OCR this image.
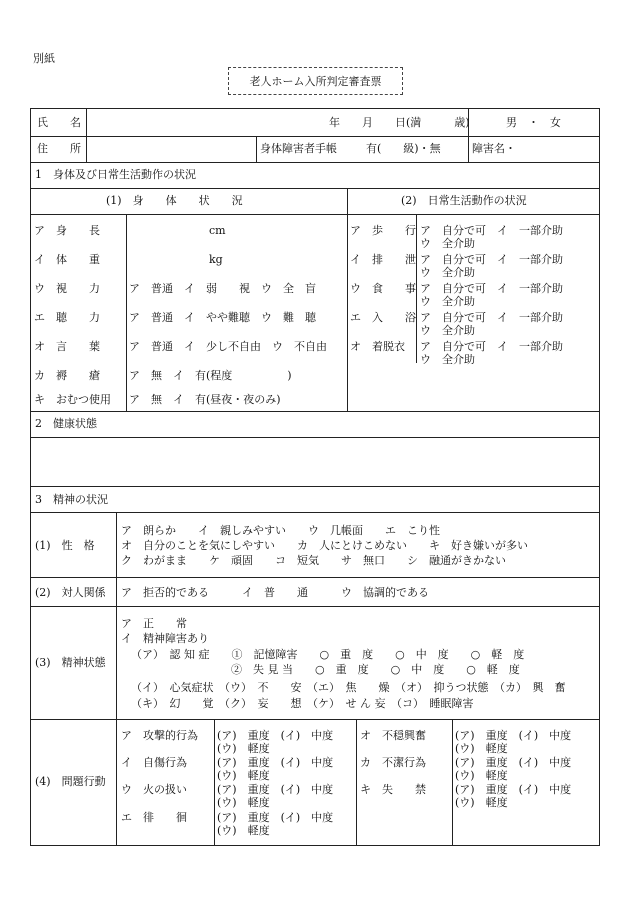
別紙
老人ホーム入所判定審査票
氏　　名	年　　月　　日(満　　　歳)	男　・　女
住　　所	身体障害者手帳	有(　　級)・無	障害名・
1　身体及び日常生活動作の状況
(1)　身　　体　　状　　況	(2)　日常生活動作の状況
ア　身　　長	cm
イ　体　　重	kg
ウ　視　　力	ア　普通　イ　弱　　視　ウ　全　盲
エ　聴　　力	ア　普通　イ　やや難聴　ウ　難　聴
オ　言　　葉	ア　普通　イ　少し不自由　ウ　不自由
カ　褥　　瘡	ア　無　イ　有(程度　　　　　)
キ　おむつ使用 ア　無　イ　有(昼夜・夜のみ)
ア　歩　　行 ア　自分で可　イ　一部介助
ウ　全介助
イ　排　　泄 ア　自分で可　イ　一部介助
ウ　全介助
ウ　食　　事 ア　自分で可　イ　一部介助
ウ　全介助
エ　入　　浴 ア　自分で可　イ　一部介助
ウ　全介助
オ　着脱衣 ア　自分で可　イ　一部介助
ウ　全介助
2　健康状態
3　精神の状況
(1)　性　格
ア　朗らか　　イ　親しみやすい　　ウ　几帳面　　エ　こり性
オ　自分のことを気にしやすい　　カ　人にとけこめない　　キ　好き嫌いが多い
ク　わがまま　　ケ　頑固　　コ　短気　　サ　無口　　シ　融通がきかない
(2)　対人関係 ア　拒否的である　　　イ　普　　通　　　ウ　協調的である
(3)　精神状態
ア　正　　常
イ　精神障害あり
（ア）　認 知 症　　①　記憶障害　　○　重　度　　○　中　度　　○　軽　度
②　失 見 当　　○　重　度　　○　中　度　　○　軽　度
（イ）　心気症状　（ウ）　不　　安　（エ）　焦　　燥　（オ）　抑うつ状態　（カ）　興　奮
（キ）　幻　　覚　（ク）　妄　　想　（ケ）　せ ん 妄　（コ）　睡眠障害
(4)　問題行動
ア　攻撃的行為 (ア)　重度　(イ)　中度
(ウ)　軽度
イ　自傷行為	(ア)　重度　(イ)　中度
(ウ)　軽度
ウ　火の扱い	(ア)　重度　(イ)　中度
(ウ)　軽度
エ　徘　　徊	(ア)　重度　(イ)　中度
(ウ)　軽度
オ　不穏興奮	(ア)　重度　(イ)　中度
(ウ)　軽度
カ　不潔行為	(ア)　重度　(イ)　中度
(ウ)　軽度
キ　失　　禁	(ア)　重度　(イ)　中度
(ウ)　軽度
